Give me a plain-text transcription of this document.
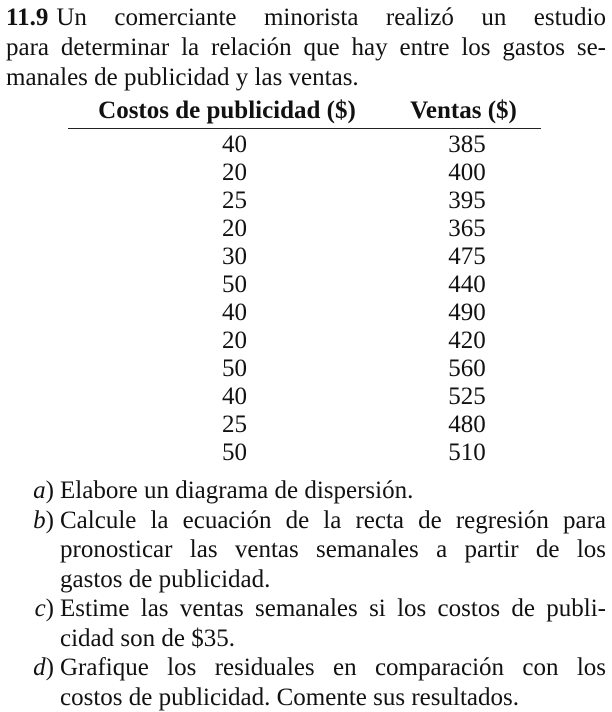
11.9 Un comerciante minorista realizó un estudio
para determinar la relación que hay entre los gastos se-
manales de publicidad y las ventas.
Costos de publicidad ($)	Ventas ($)
40	385
20	400
25	395
20	365
30	475
50	440
40	490
20	420
50	560
40	525
25	480
50	510
a) Elabore un diagrama de dispersión.
b) Calcule la ecuación de la recta de regresión para
pronosticar las ventas semanales a partir de los
gastos de publicidad.
c) Estime las ventas semanales si los costos de publi-
cidad son de $35.
d) Grafique los residuales en comparación con los
costos de publicidad. Comente sus resultados.
